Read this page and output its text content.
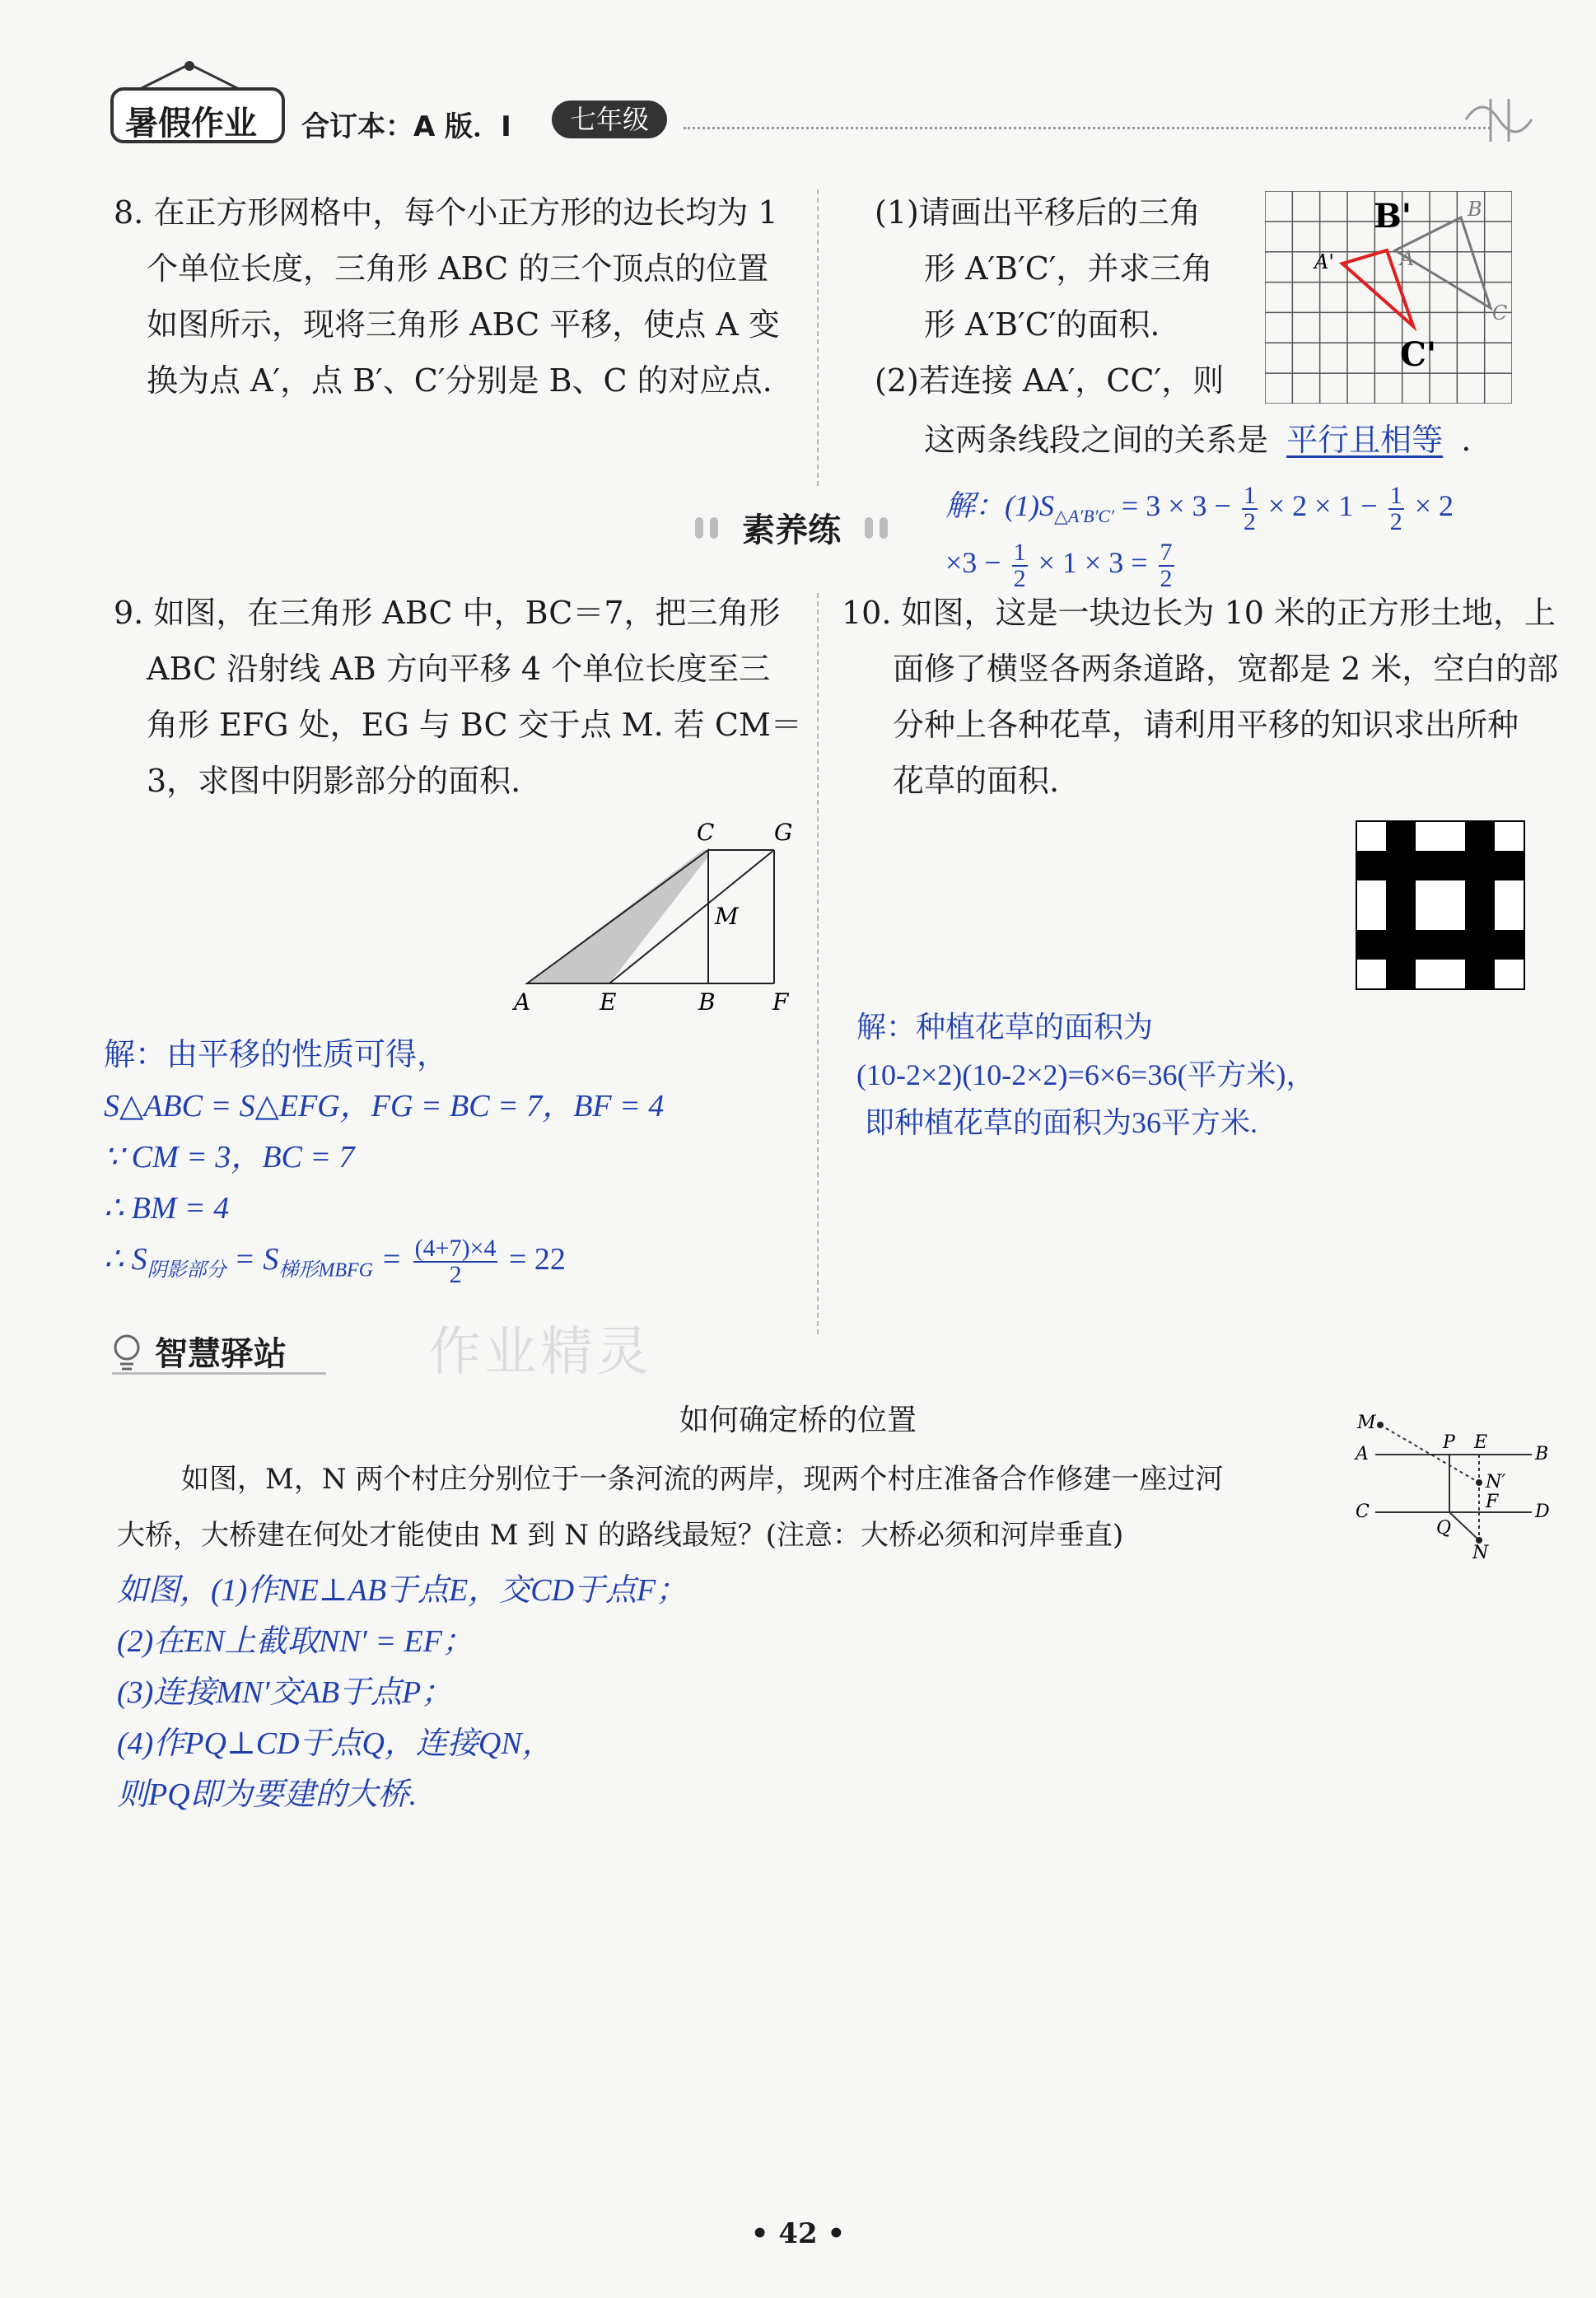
暑假作业 合订本：A 版．Ⅰ	七年级
8. 在正方形网格中，每个小正方形的边长均为 1
个单位长度，三角形 ABC 的三个顶点的位置
如图所示，现将三角形 ABC 平移，使点 A 变
换为点 A′，点 B′、C′分别是 B、C 的对应点.
(1)请画出平移后的三角
形 A′B′C′，并求三角
形 A′B′C′的面积.
(2)若连接 AA′，CC′，则
这两条线段之间的关系是 平行且相等 .
B'
C'
A'	A
B
C
素养练
解：$(1)S_{\triangle A'B'C'} = 3 \times 3 - \frac{1}{2} \times 2 \times 1 - \frac{1}{2} \times 2$
$\times 3 - \frac{1}{2} \times 1 \times 3 = \frac{7}{2}$
9. 如图，在三角形 ABC 中，BC＝7，把三角形
ABC 沿射线 AB 方向平移 4 个单位长度至三
角形 EFG 处，EG 与 BC 交于点 M. 若 CM＝
3，求图中阴影部分的面积.
A	E	B F
C	G
M
解：由平移的性质可得，
S△ABC = S△EFG，FG = BC = 7，BF = 4
∵ CM = 3，BC = 7
∴ BM = 4
∴ $S_{阴影部分} = S_{梯形MBFG} = \frac{(4+7)\times 4}{2} = 22$
10. 如图，这是一块边长为 10 米的正方形土地，上
面修了横竖各两条道路，宽都是 2 米，空白的部
分种上各种花草，请利用平移的知识求出所种
花草的面积.
解：种植花草的面积为
(10-2×2)(10-2×2)=6×6=36(平方米)，
即种植花草的面积为36平方米.
智慧驿站	作业精灵
如何确定桥的位置
如图，M，N 两个村庄分别位于一条河流的两岸，现两个村庄准备合作修建一座过河
大桥，大桥建在何处才能使由 M 到 N 的路线最短？(注意：大桥必须和河岸垂直)
M
A
P E
B
N′
C	F D
Q
N
如图，(1)作NE⊥AB于点E，交CD于点F；
(2)在EN上截取NN′ = EF；
(3)连接MN′交AB于点P；
(4)作PQ⊥CD于点Q，连接QN，
则PQ即为要建的大桥.
• 42 •
